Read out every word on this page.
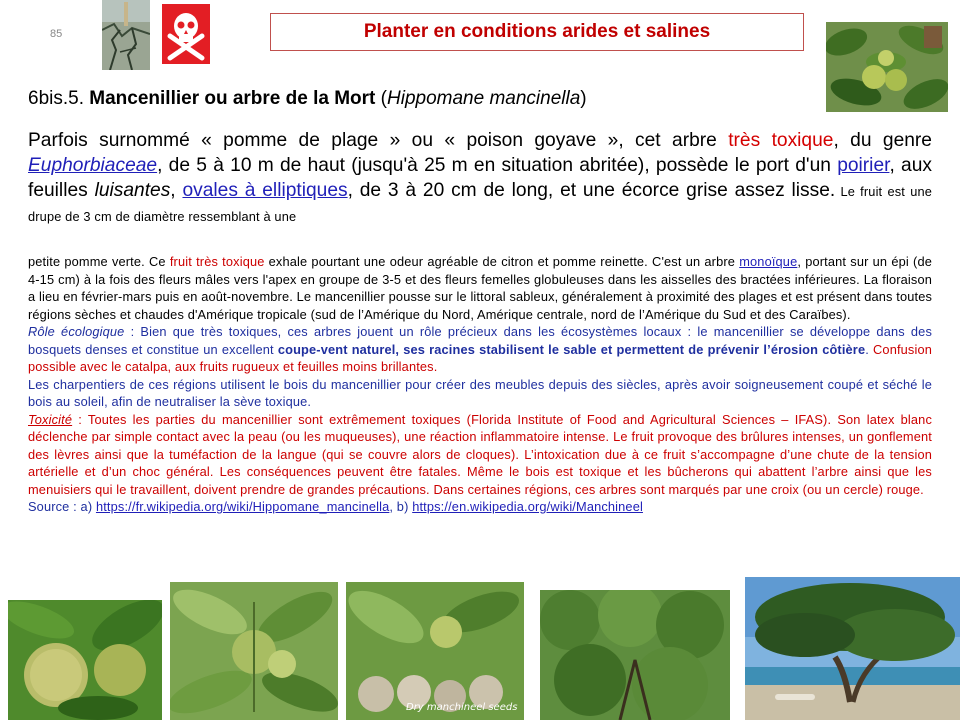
85	Planter en conditions arides et salines
6bis.5. Mancenillier ou arbre de la Mort (Hippomane mancinella)
Parfois surnommé « pomme de plage » ou « poison goyave », cet arbre très toxique, du genre Euphorbiaceae, de 5 à 10 m de haut (jusqu'à 25 m en situation abritée), possède le port d'un poirier, aux feuilles luisantes, ovales à elliptiques, de 3 à 20 cm de long, et une écorce grise assez lisse. Le fruit est une drupe de 3 cm de diamètre ressemblant à une
petite pomme verte. Ce fruit très toxique exhale pourtant une odeur agréable de citron et pomme reinette. C'est un arbre monoïque, portant sur un épi (de 4-15 cm) à la fois des fleurs mâles vers l'apex en groupe de 3-5 et des fleurs femelles globuleuses dans les aisselles des bractées inférieures. La floraison a lieu en février-mars puis en août-novembre. Le mancenillier pousse sur le littoral sableux, généralement à proximité des plages et est présent dans toutes régions sèches et chaudes d'Amérique tropicale (sud de l’Amérique du Nord, Amérique centrale, nord de l’Amérique du Sud et des Caraïbes).
Rôle écologique : Bien que très toxiques, ces arbres jouent un rôle précieux dans les écosystèmes locaux : le mancenillier se développe dans des bosquets denses et constitue un excellent coupe-vent naturel, ses racines stabilisent le sable et permettent de prévenir l’érosion côtière. Confusion possible avec le catalpa, aux fruits rugueux et feuilles moins brillantes.
Les charpentiers de ces régions utilisent le bois du mancenillier pour créer des meubles depuis des siècles, après avoir soigneusement coupé et séché le bois au soleil, afin de neutraliser la sève toxique.
Toxicité : Toutes les parties du mancenillier sont extrêmement toxiques (Florida Institute of Food and Agricultural Sciences – IFAS). Son latex blanc déclenche par simple contact avec la peau (ou les muqueuses), une réaction inflammatoire intense. Le fruit provoque des brûlures intenses, un gonflement des lèvres ainsi que la tuméfaction de la langue (qui se couvre alors de cloques). L’intoxication due à ce fruit s’accompagne d’une chute de la tension artérielle et d’un choc général. Les conséquences peuvent être fatales. Même le bois est toxique et les bûcherons qui abattent l’arbre ainsi que les menuisiers qui le travaillent, doivent prendre de grandes précautions. Dans certaines régions, ces arbres sont marqués par une croix (ou un cercle) rouge.
Source : a) https://fr.wikipedia.org/wiki/Hippomane_mancinella, b) https://en.wikipedia.org/wiki/Manchineel
Dry manchineel seeds
